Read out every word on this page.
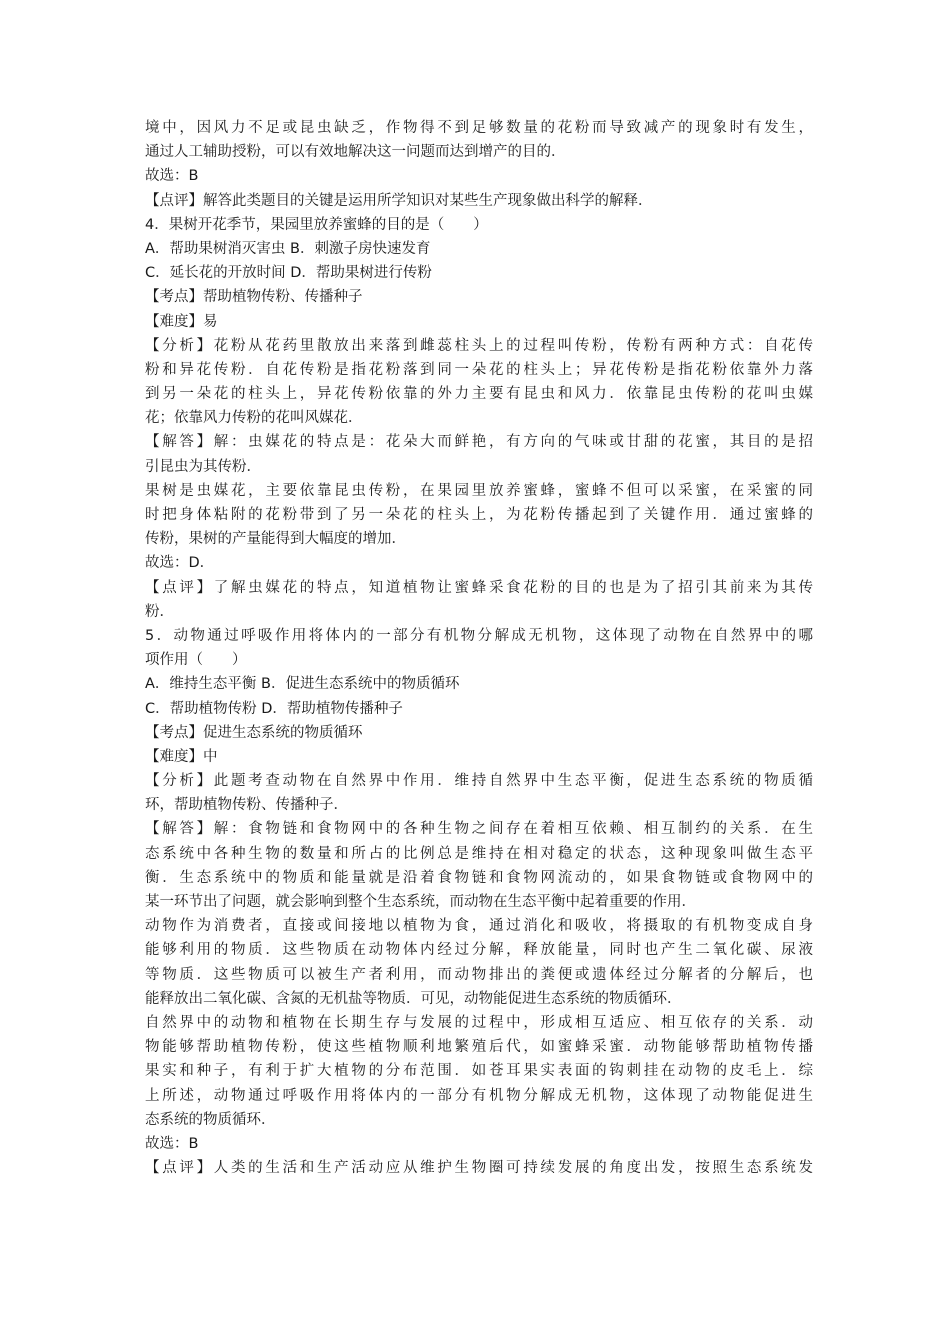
境中，因风力不足或昆虫缺乏，作物得不到足够数量的花粉而导致减产的现象时有发生，
通过人工辅助授粉，可以有效地解决这一问题而达到增产的目的．
故选：B
【点评】解答此类题目的关键是运用所学知识对某些生产现象做出科学的解释．
4．果树开花季节，果园里放养蜜蜂的目的是（　　）
A．帮助果树消灭害虫 B．刺激子房快速发育
C．延长花的开放时间 D．帮助果树进行传粉
【考点】帮助植物传粉、传播种子
【难度】易
【分析】花粉从花药里散放出来落到雌蕊柱头上的过程叫传粉，传粉有两种方式：自花传
粉和异花传粉．自花传粉是指花粉落到同一朵花的柱头上；异花传粉是指花粉依靠外力落
到另一朵花的柱头上，异花传粉依靠的外力主要有昆虫和风力．依靠昆虫传粉的花叫虫媒
花；依靠风力传粉的花叫风媒花．
【解答】解：虫媒花的特点是：花朵大而鲜艳，有方向的气味或甘甜的花蜜，其目的是招
引昆虫为其传粉．
果树是虫媒花，主要依靠昆虫传粉，在果园里放养蜜蜂，蜜蜂不但可以采蜜，在采蜜的同
时把身体粘附的花粉带到了另一朵花的柱头上，为花粉传播起到了关键作用．通过蜜蜂的
传粉，果树的产量能得到大幅度的增加．
故选：D．
【点评】了解虫媒花的特点，知道植物让蜜蜂采食花粉的目的也是为了招引其前来为其传
粉．
5．动物通过呼吸作用将体内的一部分有机物分解成无机物，这体现了动物在自然界中的哪
项作用（　　）
A．维持生态平衡 B．促进生态系统中的物质循环
C．帮助植物传粉 D．帮助植物传播种子
【考点】促进生态系统的物质循环
【难度】中
【分析】此题考查动物在自然界中作用．维持自然界中生态平衡，促进生态系统的物质循
环，帮助植物传粉、传播种子．
【解答】解：食物链和食物网中的各种生物之间存在着相互依赖、相互制约的关系．在生
态系统中各种生物的数量和所占的比例总是维持在相对稳定的状态，这种现象叫做生态平
衡．生态系统中的物质和能量就是沿着食物链和食物网流动的，如果食物链或食物网中的
某一环节出了问题，就会影响到整个生态系统，而动物在生态平衡中起着重要的作用．
动物作为消费者，直接或间接地以植物为食，通过消化和吸收，将摄取的有机物变成自身
能够利用的物质．这些物质在动物体内经过分解，释放能量，同时也产生二氧化碳、尿液
等物质．这些物质可以被生产者利用，而动物排出的粪便或遗体经过分解者的分解后，也
能释放出二氧化碳、含氮的无机盐等物质．可见，动物能促进生态系统的物质循环．
自然界中的动物和植物在长期生存与发展的过程中，形成相互适应、相互依存的关系．动
物能够帮助植物传粉，使这些植物顺利地繁殖后代，如蜜蜂采蜜．动物能够帮助植物传播
果实和种子，有利于扩大植物的分布范围．如苍耳果实表面的钩刺挂在动物的皮毛上．综
上所述，动物通过呼吸作用将体内的一部分有机物分解成无机物，这体现了动物能促进生
态系统的物质循环．
故选：B
【点评】人类的生活和生产活动应从维护生物圈可持续发展的角度出发，按照生态系统发
